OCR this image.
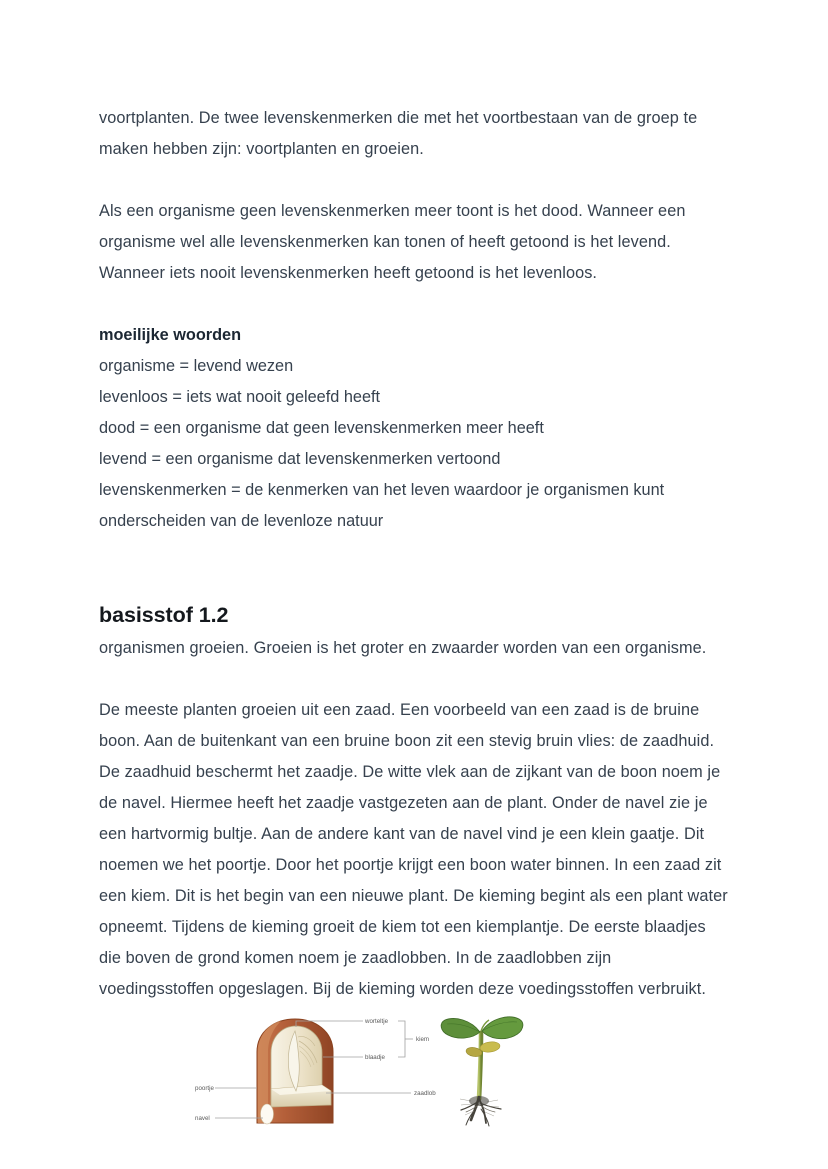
voortplanten. De twee levenskenmerken die met het voortbestaan van de groep te maken hebben zijn: voortplanten en groeien.

Als een organisme geen levenskenmerken meer toont is het dood. Wanneer een organisme wel alle levenskenmerken kan tonen of heeft getoond is het levend. Wanneer iets nooit levenskenmerken heeft getoond is het levenloos.

moeilijke woorden
organisme = levend wezen
levenloos = iets wat nooit geleefd heeft
dood = een organisme dat geen levenskenmerken meer heeft
levend = een organisme dat levenskenmerken vertoond
levenskenmerken = de kenmerken van het leven waardoor je organismen kunt onderscheiden van de levenloze natuur
basisstof 1.2

organismen groeien. Groeien is het groter en zwaarder worden van een organisme.

De meeste planten groeien uit een zaad. Een voorbeeld van een zaad is de bruine boon. Aan de buitenkant van een bruine boon zit een stevig bruin vlies: de zaadhuid. De zaadhuid beschermt het zaadje. De witte vlek aan de zijkant van de boon noem je de navel. Hiermee heeft het zaadje vastgezeten aan de plant. Onder de navel zie je een hartvormig bultje. Aan de andere kant van de navel vind je een klein gaatje. Dit noemen we het poortje. Door het poortje krijgt een boon water binnen. In een zaad zit een kiem. Dit is het begin van een nieuwe plant. De kieming begint als een plant water opneemt. Tijdens de kieming groeit de kiem tot een kiemplantje. De eerste blaadjes die boven de grond komen noem je zaadlobben. In de zaadlobben zijn voedingsstoffen opgeslagen. Bij de kieming worden deze voedingsstoffen verbruikt.

worteltje
blaadje
kiem
zaadlob
poortje
navel
